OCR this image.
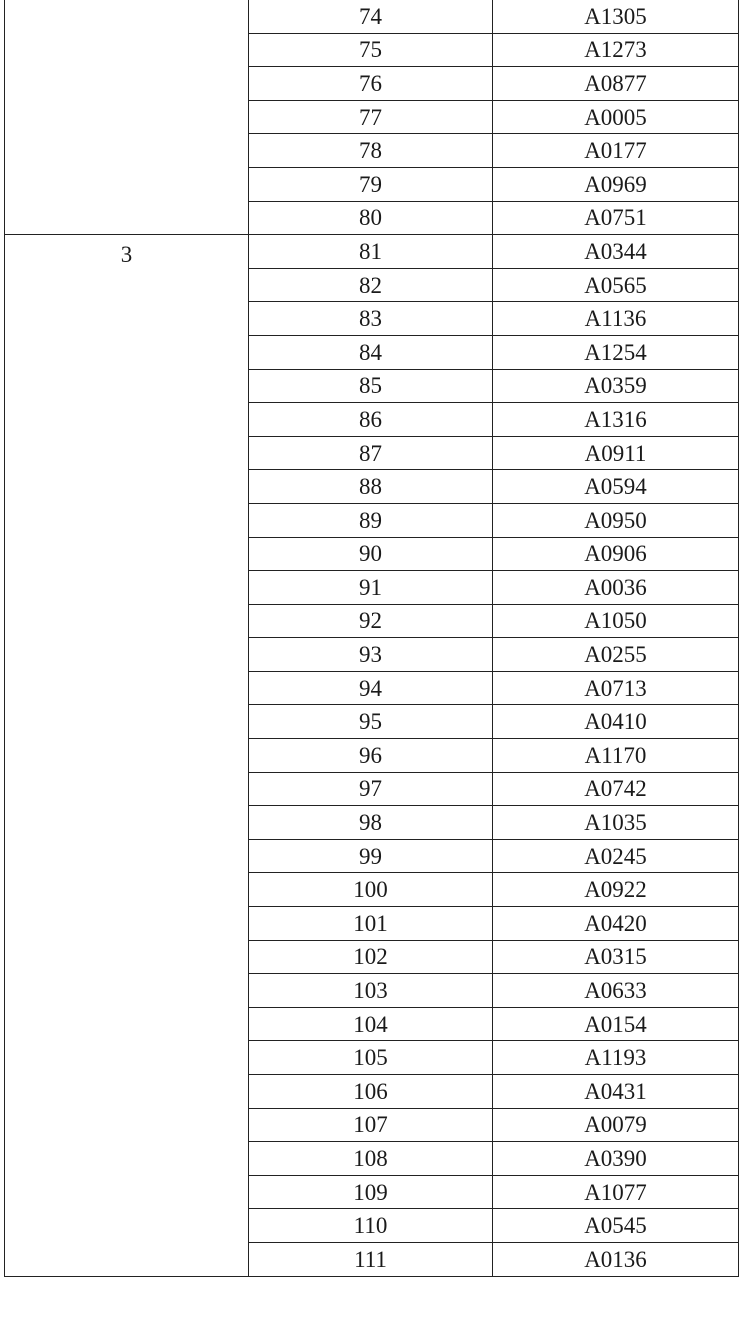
	74	A1305
	75	A1273
	76	A0877
	77	A0005
	78	A0177
	79	A0969
	80	A0751
3	81	A0344
	82	A0565
	83	A1136
	84	A1254
	85	A0359
	86	A1316
	87	A0911
	88	A0594
	89	A0950
	90	A0906
	91	A0036
	92	A1050
	93	A0255
	94	A0713
	95	A0410
	96	A1170
	97	A0742
	98	A1035
	99	A0245
	100	A0922
	101	A0420
	102	A0315
	103	A0633
	104	A0154
	105	A1193
	106	A0431
	107	A0079
	108	A0390
	109	A1077
	110	A0545
	111	A0136
